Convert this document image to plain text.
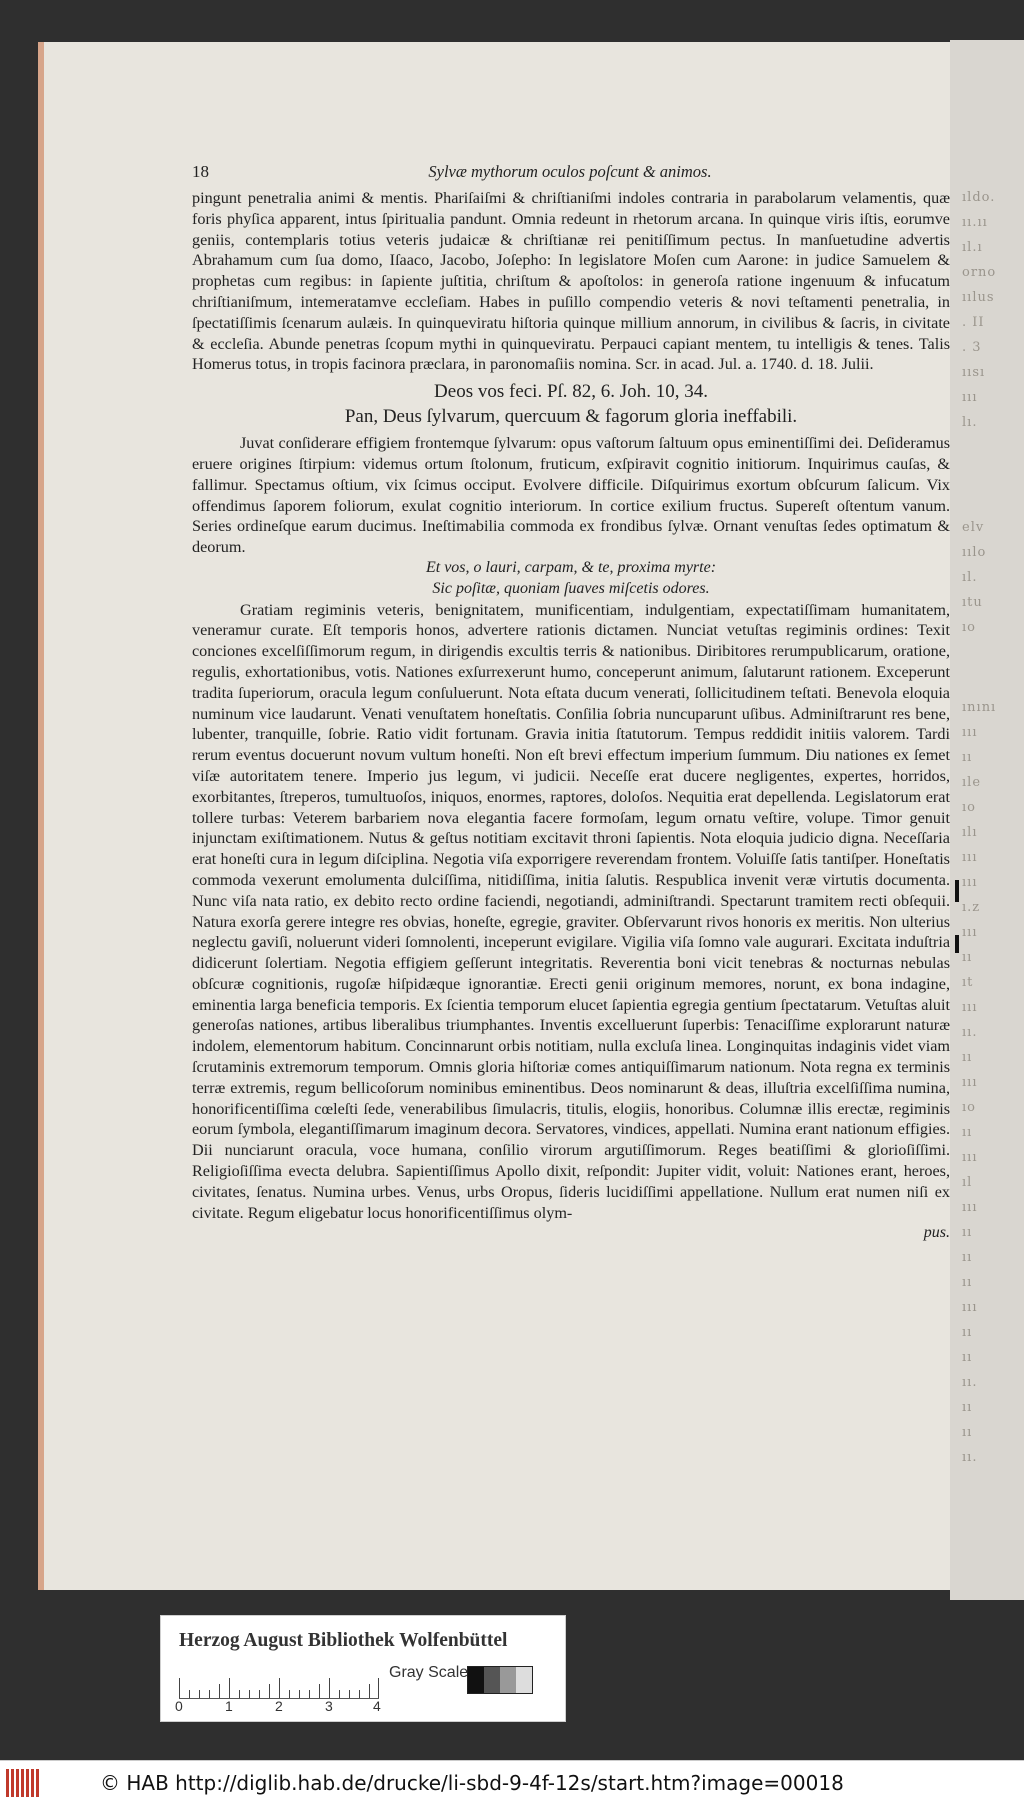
ıldo.
ıı.ıı
ıl.ı
orno
ıılus
. II
. 3
ıısı
ııı
lı.
elv
ıılo
ıl.
ıtu
ıo
ınını
ııı
ıı
ıle
ıo
ılı
ııı
ııı
ı.z
ııı
ıı
ıt
ııı
ıı.
ıı
ııı
ıo
ıı
ııı
ıl
ııı
ıı
ıı
ıı
ııı
ıı
ıı
ıı.
ıı
ıı
ıı.
18	Sylvæ mythorum oculos poſcunt & animos.

pingunt penetralia animi & mentis. Phariſaiſmi & chriſtianiſmi indoles contraria in parabolarum velamentis, quæ foris phyſica apparent, intus ſpiritualia pandunt. Omnia redeunt in rhetorum arcana. In quinque viris iſtis, eorumve geniis, contemplaris totius veteris judaicæ & chriſtianæ rei penitiſſimum pectus. In manſuetudine advertis Abrahamum cum ſua domo, Iſaaco, Jacobo, Joſepho: In legislatore Moſen cum Aarone: in judice Samuelem & prophetas cum regibus: in ſapiente juſtitia, chriſtum & apoſtolos: in generoſa ratione ingenuum & infucatum chriſtianiſmum, intemeratamve eccleſiam. Habes in puſillo compendio veteris & novi teſtamenti penetralia, in ſpectatiſſimis ſcenarum aulæis. In quinqueviratu hiſtoria quinque millium annorum, in civilibus & ſacris, in civitate & eccleſia. Abunde penetras ſcopum mythi in quinqueviratu. Perpauci capiant mentem, tu intelligis & tenes. Talis Homerus totus, in tropis facinora præclara, in paronomaſiis nomina. Scr. in acad. Jul. a. 1740. d. 18. Julii.

Deos vos feci. Pſ. 82, 6. Joh. 10, 34.
Pan, Deus ſylvarum, quercuum & fagorum gloria ineffabili.

Juvat conſiderare effigiem frontemque ſylvarum: opus vaſtorum ſaltuum opus eminentiſſimi dei. Deſideramus eruere origines ſtirpium: videmus ortum ſtolonum, fruticum, exſpiravit cognitio initiorum. Inquirimus cauſas, & fallimur. Spectamus oſtium, vix ſcimus occiput. Evolvere difficile. Diſquirimus exortum obſcurum ſalicum. Vix offendimus ſaporem foliorum, exulat cognitio interiorum. In cortice exilium fructus. Supereſt oſtentum vanum. Series ordineſque earum ducimus. Ineſtimabilia commoda ex frondibus ſylvæ. Ornant venuſtas ſedes optimatum & deorum.

Et vos, o lauri, carpam, & te, proxima myrte:

Sic poſitæ, quoniam ſuaves miſcetis odores.

Gratiam regiminis veteris, benignitatem, munificentiam, indulgentiam, expectatiſſimam humanitatem, veneramur curate. Eſt temporis honos, advertere rationis dictamen. Nunciat vetuſtas regiminis ordines: Texit conciones excelſiſſimorum regum, in dirigendis excultis terris & nationibus. Diribitores rerumpublicarum, oratione, regulis, exhortationibus, votis. Nationes exſurrexerunt humo, conceperunt animum, ſalutarunt rationem. Exceperunt tradita ſuperiorum, oracula legum conſuluerunt. Nota eſtata ducum venerati, ſollicitudinem teſtati. Benevola eloquia numinum vice laudarunt. Venati venuſtatem honeſtatis. Conſilia ſobria nuncuparunt uſibus. Adminiſtrarunt res bene, lubenter, tranquille, ſobrie. Ratio vidit fortunam. Gravia initia ſtatutorum. Tempus reddidit initiis valorem. Tardi rerum eventus docuerunt novum vultum honeſti. Non eſt brevi effectum imperium ſummum. Diu nationes ex ſemet viſæ autoritatem tenere. Imperio jus legum, vi judicii. Neceſſe erat ducere negligentes, expertes, horridos, exorbitantes, ſtreperos, tumultuoſos, iniquos, enormes, raptores, doloſos. Nequitia erat depellenda. Legislatorum erat tollere turbas: Veterem barbariem nova elegantia facere formoſam, legum ornatu veſtire, volupe. Timor genuit injunctam exiſtimationem. Nutus & geſtus notitiam excitavit throni ſapientis. Nota eloquia judicio digna. Neceſſaria erat honeſti cura in legum diſciplina. Negotia viſa exporrigere reverendam frontem. Voluiſſe ſatis tantiſper. Honeſtatis commoda vexerunt emolumenta dulciſſima, nitidiſſima, initia ſalutis. Respublica invenit veræ virtutis documenta. Nunc viſa nata ratio, ex debito recto ordine faciendi, negotiandi, adminiſtrandi. Spectarunt tramitem recti obſequii. Natura exorſa gerere integre res obvias, honeſte, egregie, graviter. Obſervarunt rivos honoris ex meritis. Non ulterius neglectu gaviſi, noluerunt videri ſomnolenti, inceperunt evigilare. Vigilia viſa ſomno vale augurari. Excitata induſtria didicerunt ſolertiam. Negotia effigiem geſſerunt integritatis. Reverentia boni vicit tenebras & nocturnas nebulas obſcuræ cognitionis, rugoſæ hiſpidæque ignorantiæ. Erecti genii originum memores, norunt, ex bona indagine, eminentia larga beneficia temporis. Ex ſcientia temporum elucet ſapientia egregia gentium ſpectatarum. Vetuſtas aluit generoſas nationes, artibus liberalibus triumphantes. Inventis excelluerunt ſuperbis: Tenaciſſime explorarunt naturæ indolem, elementorum habitum. Concinnarunt orbis notitiam, nulla excluſa linea. Longinquitas indaginis videt viam ſcrutaminis extremorum temporum. Omnis gloria hiſtoriæ comes antiquiſſimarum nationum. Nota regna ex terminis terræ extremis, regum bellicoſorum nominibus eminentibus. Deos nominarunt & deas, illuſtria excelſiſſima numina, honorificentiſſima cœleſti ſede, venerabilibus ſimulacris, titulis, elogiis, honoribus. Columnæ illis erectæ, regiminis eorum ſymbola, elegantiſſimarum imaginum decora. Servatores, vindices, appellati. Numina erant nationum effigies. Dii nunciarunt oracula, voce humana, conſilio virorum argutiſſimorum. Reges beatiſſimi & glorioſiſſimi. Religioſiſſima evecta delubra. Sapientiſſimus Apollo dixit, reſpondit: Jupiter vidit, voluit: Nationes erant, heroes, civitates, ſenatus. Numina urbes. Venus, urbs Oropus, ſideris lucidiſſimi appellatione. Nullum erat numen niſi ex civitate. Regum eligebatur locus honorificentiſſimus olym-

pus.
Herzog August Bibliothek Wolfenbüttel
0	1	2	3	4
Gray Scale
© HAB http://diglib.hab.de/drucke/li-sbd-9-4f-12s/start.htm?image=00018
